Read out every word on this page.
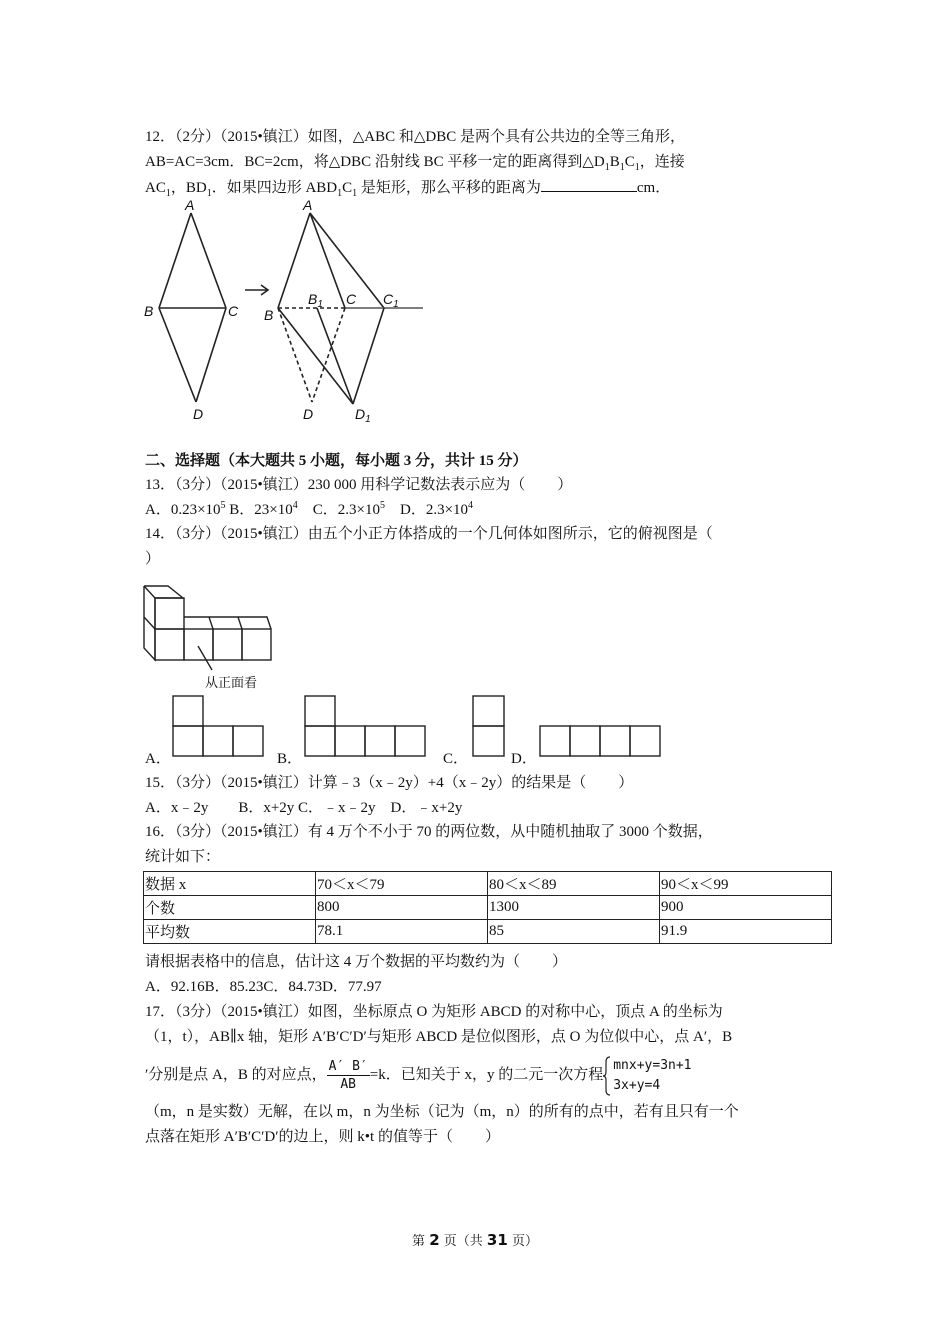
12．（2分）（2015•镇江）如图，△ABC 和△DBC 是两个具有公共边的全等三角形，
AB=AC=3cm．BC=2cm，将△DBC 沿射线 BC 平移一定的距离得到$\triangle D_1B_1C_1$，连接
$AC_1$，$BD_1$．如果四边形 $ABD_1C_1$ 是矩形，那么平移的距离为	cm．
A
B	C
D
A
B
$B_1$ C $C_1$
D	$D_1$
二、选择题（本大题共 5 小题，每小题 3 分，共计 15 分）
13．（3分）（2015•镇江）230 000 用科学记数法表示应为（ ）
A．$0.23\times 10^5$ B．$23\times 10^4$ C．$2.3\times 10^5$ D．$2.3\times 10^4$
14．（3分）（2015•镇江）由五个小正方体搭成的一个几何体如图所示，它的俯视图是（
）
从正面看
A．	B．	C．	D．
15．（3分）（2015•镇江）计算﹣3（x﹣2y）+4（x﹣2y）的结果是（ ）
A．x﹣2y　　B．x+2y C．﹣x﹣2y　D．﹣x+2y
16．（3分）（2015•镇江）有 4 万个不小于 70 的两位数，从中随机抽取了 3000 个数据，
统计如下：
数据 x	70＜x＜79	80＜x＜89	90＜x＜99
个数	800	1300	900
平均数	78.1	85	91.9
请根据表格中的信息，估计这 4 万个数据的平均数约为（ ）
A．92.16B．85.23C．84.73D．77.97
17．（3分）（2015•镇江）如图，坐标原点 O 为矩形 ABCD 的对称中心，顶点 A 的坐标为
（1，t），AB∥x 轴，矩形 A′B′C′D′与矩形 ABCD 是位似图形，点 O 为位似中心，点 A′，B
′分别是点 A，B 的对应点， $\frac{A' B'}{AB} =k$．已知关于 x，y 的二元一次方程
mnx+y=3n+1
3x+y=4
（m，n 是实数）无解，在以 m，n 为坐标（记为（m，n）的所有的点中，若有且只有一个
点落在矩形 A′B′C′D′的边上，则 k•t 的值等于（ ）
第 2 页（共 31 页）
